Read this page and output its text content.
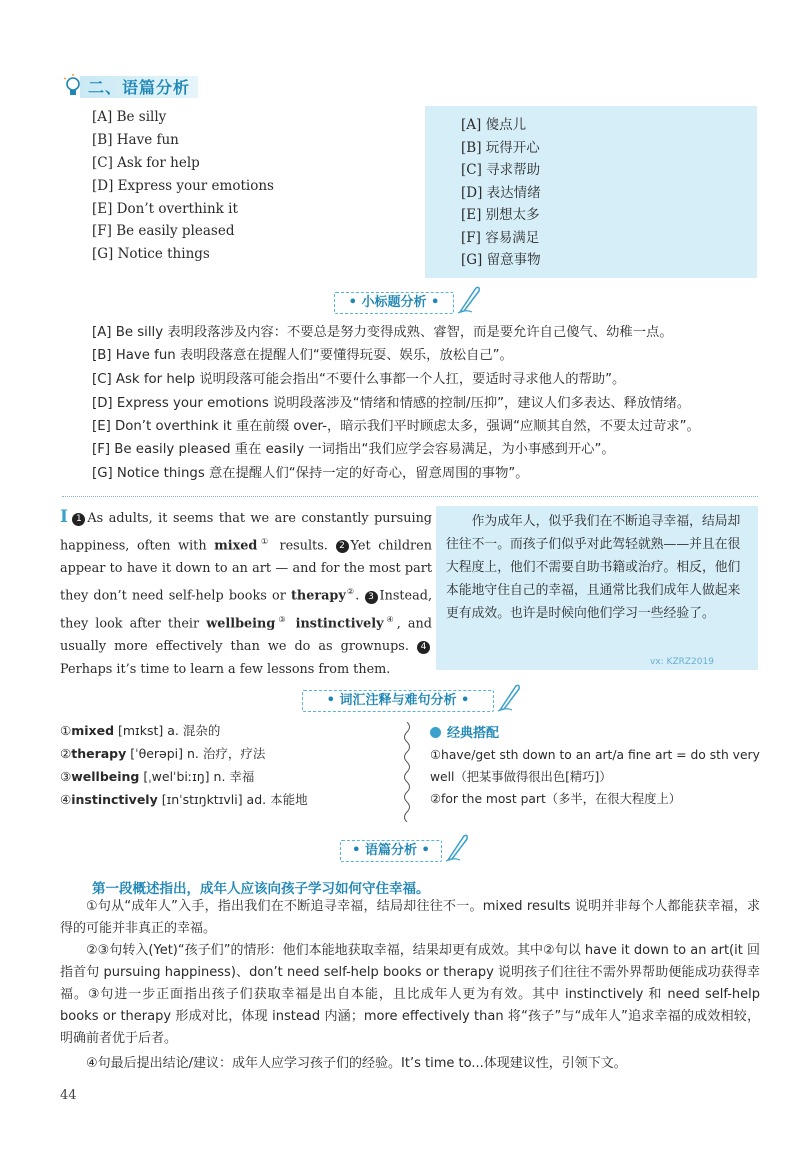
二、语篇分析
[A] Be silly
[B] Have fun
[C] Ask for help
[D] Express your emotions
[E] Don’t overthink it
[F] Be easily pleased
[G] Notice things
[A] 傻点儿
[B] 玩得开心
[C] 寻求帮助
[D] 表达情绪
[E] 别想太多
[F] 容易满足
[G] 留意事物
• 小标题分析 •
[A] Be silly 表明段落涉及内容：不要总是努力变得成熟、睿智，而是要允许自己傻气、幼稚一点。
[B] Have fun 表明段落意在提醒人们“要懂得玩耍、娱乐，放松自己”。
[C] Ask for help 说明段落可能会指出“不要什么事都一个人扛，要适时寻求他人的帮助”。
[D] Express your emotions 说明段落涉及“情绪和情感的控制/压抑”，建议人们多表达、释放情绪。
[E] Don’t overthink it 重在前缀 over-，暗示我们平时顾虑太多，强调“应顺其自然，不要太过苛求”。
[F] Be easily pleased 重在 easily 一词指出“我们应学会容易满足，为小事感到开心”。
[G] Notice things 意在提醒人们“保持一定的好奇心，留意周围的事物”。
Ⅰ 1 As adults, it seems that we are constantly pursuing happiness, often with mixed① results. 2 Yet children appear to have it down to an art — and for the most part they don’t need self-help books or therapy②. 3 Instead, they look after their wellbeing③ instinctively④, and usually more effectively than we do as grownups. 4Perhaps it’s time to learn a few lessons from them.
作为成年人，似乎我们在不断追寻幸福，结局却往往不一。而孩子们似乎对此驾轻就熟——并且在很大程度上，他们不需要自助书籍或治疗。相反，他们本能地守住自己的幸福，且通常比我们成年人做起来更有成效。也许是时候向他们学习一些经验了。
vx: KZRZ2019
• 词汇注释与难句分析 •
①mixed [mɪkst] a. 混杂的
②therapy [ˈθerəpi] n. 治疗，疗法
③wellbeing [ˌwelˈbiːɪŋ] n. 幸福
④instinctively [ɪnˈstɪŋktɪvli] ad. 本能地
经典搭配
①have/get sth down to an art/a fine art = do sth very well（把某事做得很出色[精巧]）
②for the most part（多半，在很大程度上）
• 语篇分析 •
第一段概述指出，成年人应该向孩子学习如何守住幸福。
①句从“成年人”入手，指出我们在不断追寻幸福，结局却往往不一。mixed results 说明并非每个人都能获幸福，求得的可能并非真正的幸福。
②③句转入(Yet)“孩子们”的情形：他们本能地获取幸福，结果却更有成效。其中②句以 have it down to an art(it 回指首句 pursuing happiness)、don’t need self-help books or therapy 说明孩子们往往不需外界帮助便能成功获得幸福。③句进一步正面指出孩子们获取幸福是出自本能，且比成年人更为有效。其中 instinctively 和 need self-help books or therapy 形成对比，体现 instead 内涵；more effectively than 将“孩子”与“成年人”追求幸福的成效相较，明确前者优于后者。
④句最后提出结论/建议：成年人应学习孩子们的经验。It’s time to...体现建议性，引领下文。
44
